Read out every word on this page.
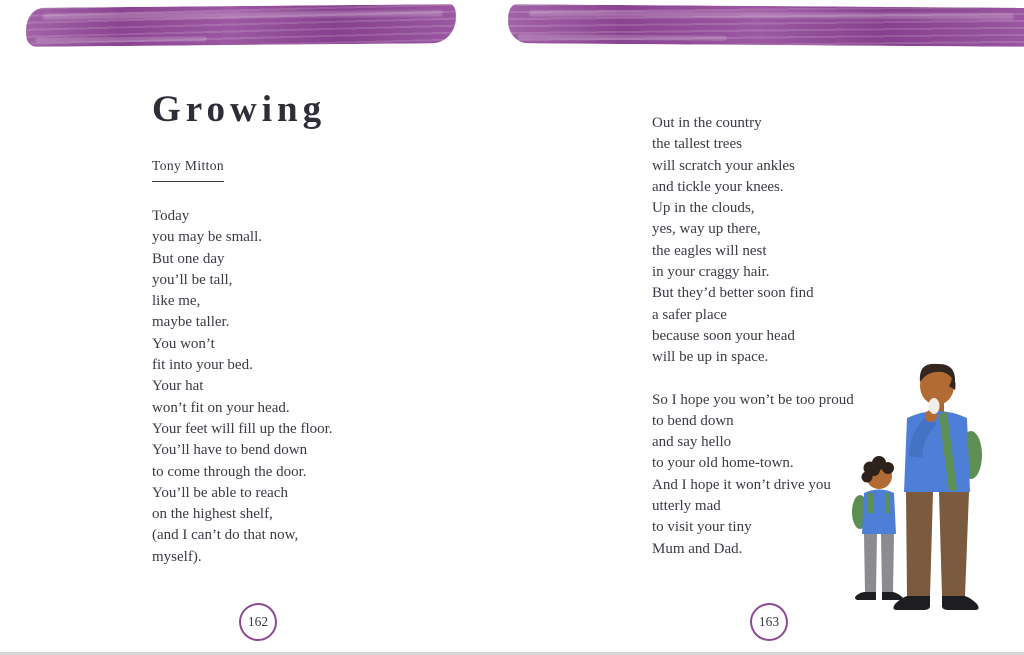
Growing
Tony Mitton
Today
you may be small.
But one day
you’ll be tall,
like me,
maybe taller.
You won’t
fit into your bed.
Your hat
won’t fit on your head.
Your feet will fill up the floor.
You’ll have to bend down
to come through the door.
You’ll be able to reach
on the highest shelf,
(and I can’t do that now,
myself).
Out in the country
the tallest trees
will scratch your ankles
and tickle your knees.
Up in the clouds,
yes, way up there,
the eagles will nest
in your craggy hair.
But they’d better soon find
a safer place
because soon your head
will be up in space.
So I hope you won’t be too proud
to bend down
and say hello
to your old home-town.
And I hope it won’t drive you
utterly mad
to visit your tiny
Mum and Dad.
162	163
